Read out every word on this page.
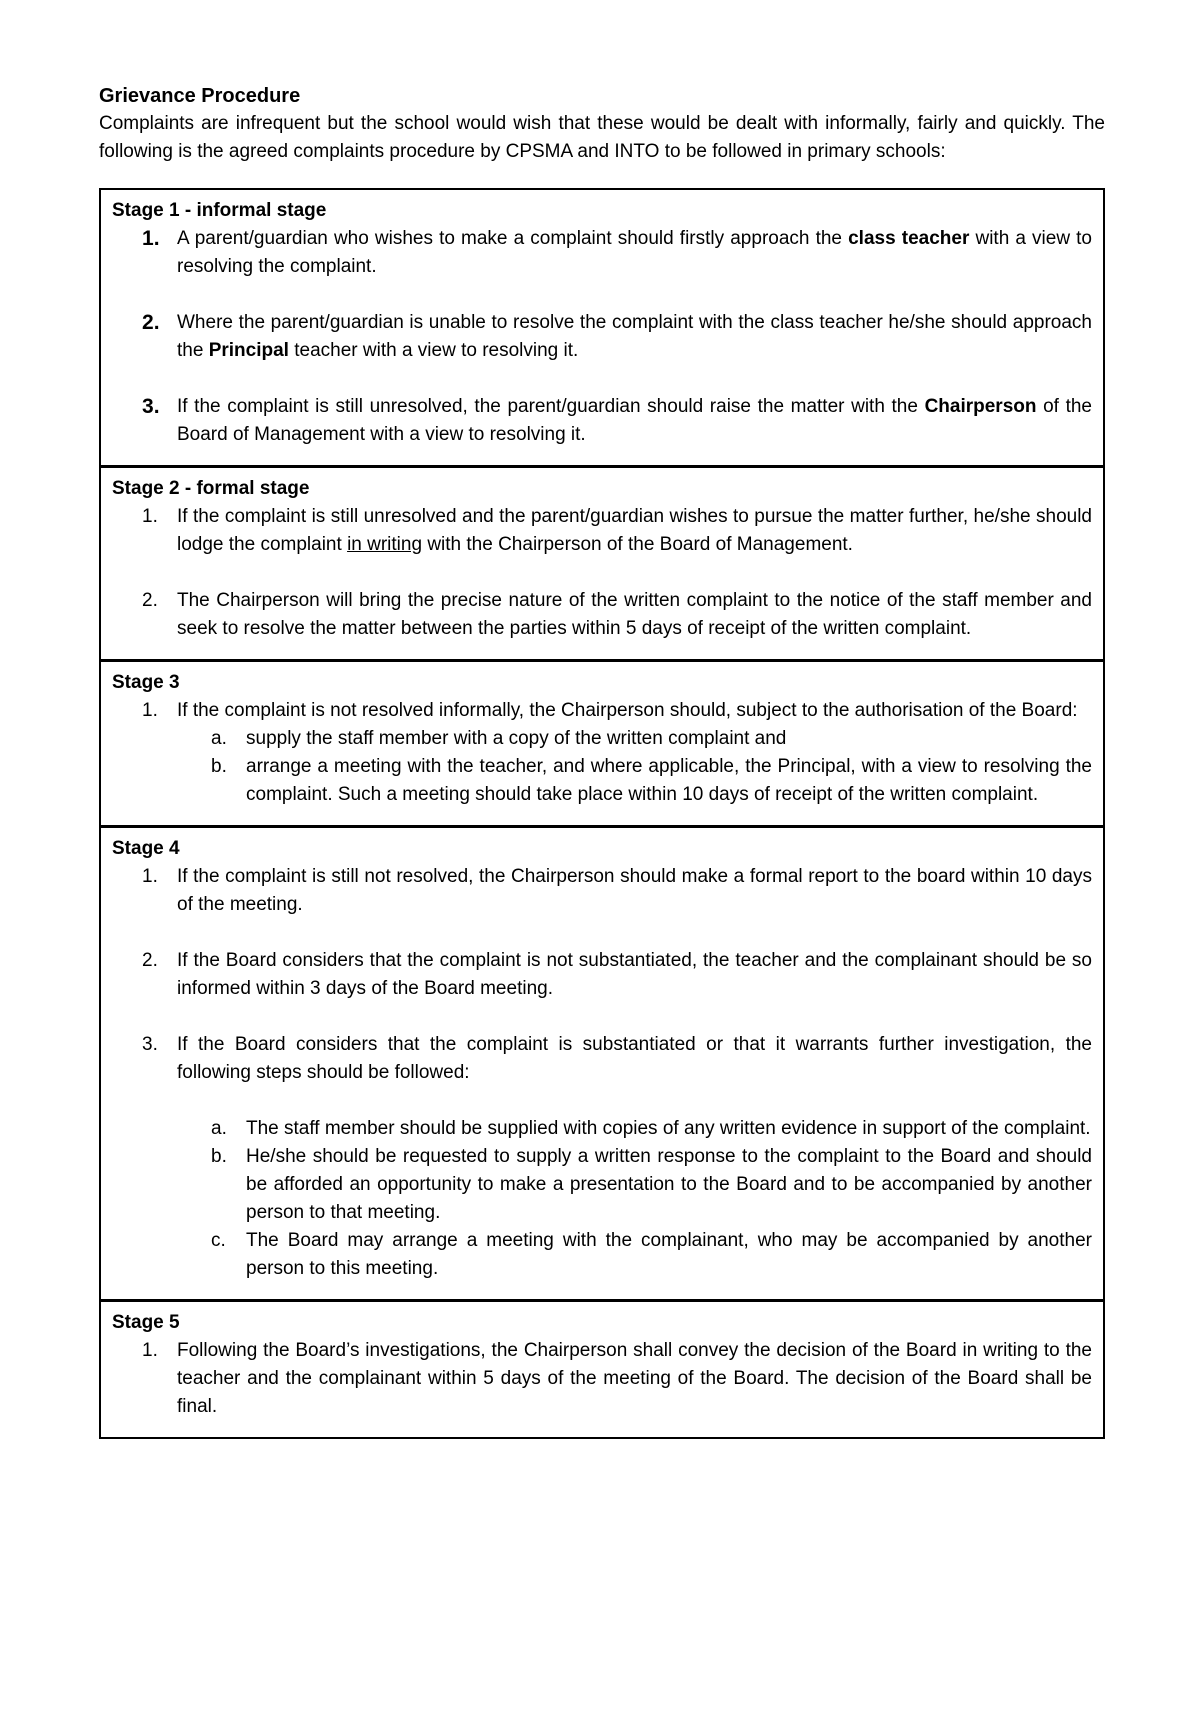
Grievance Procedure

Complaints are infrequent but the school would wish that these would be dealt with informally, fairly and quickly. The following is the agreed complaints procedure by CPSMA and INTO to be followed in primary schools:

Stage 1 - informal stage
A parent/guardian who wishes to make a complaint should firstly approach the class teacher with a view to resolving the complaint.
Where the parent/guardian is unable to resolve the complaint with the class teacher he/she should approach the Principal teacher with a view to resolving it.
If the complaint is still unresolved, the parent/guardian should raise the matter with the Chairperson of the Board of Management with a view to resolving it.
Stage 2 - formal stage
If the complaint is still unresolved and the parent/guardian wishes to pursue the matter further, he/she should lodge the complaint in writing with the Chairperson of the Board of Management.
The Chairperson will bring the precise nature of the written complaint to the notice of the staff member and seek to resolve the matter between the parties within 5 days of receipt of the written complaint.
Stage 3
If the complaint is not resolved informally, the Chairperson should, subject to the authorisation of the Board:
supply the staff member with a copy of the written complaint and
arrange a meeting with the teacher, and where applicable, the Principal, with a view to resolving the complaint. Such a meeting should take place within 10 days of receipt of the written complaint.
Stage 4
If the complaint is still not resolved, the Chairperson should make a formal report to the board within 10 days of the meeting.
If the Board considers that the complaint is not substantiated, the teacher and the complainant should be so informed within 3 days of the Board meeting.
If the Board considers that the complaint is substantiated or that it warrants further investigation, the following steps should be followed:
The staff member should be supplied with copies of any written evidence in support of the complaint.
He/she should be requested to supply a written response to the complaint to the Board and should be afforded an opportunity to make a presentation to the Board and to be accompanied by another person to that meeting.
The Board may arrange a meeting with the complainant, who may be accompanied by another person to this meeting.
Stage 5
Following the Board’s investigations, the Chairperson shall convey the decision of the Board in writing to the teacher and the complainant within 5 days of the meeting of the Board. The decision of the Board shall be final.
